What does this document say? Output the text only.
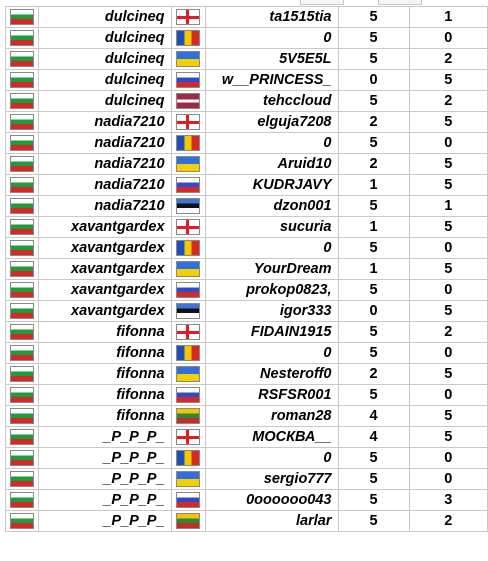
	dulcineq		ta1515tia	5	1
	dulcineq		0	5	0
	dulcineq		5V5E5L	5	2
	dulcineq		w__PRINCESS_	0	5
	dulcineq		tehccloud	5	2
	nadia7210		elguja7208	2	5
	nadia7210		0	5	0
	nadia7210		Aruid10	2	5
	nadia7210		KUDRJAVY	1	5
	nadia7210		dzon001	5	1
	xavantgardex		sucuria	1	5
	xavantgardex		0	5	0
	xavantgardex		YourDream	1	5
	xavantgardex		prokop0823,	5	0
	xavantgardex		igor333	0	5
	fifonna		FIDAIN1915	5	2
	fifonna		0	5	0
	fifonna		Nesteroff0	2	5
	fifonna		RSFSR001	5	0
	fifonna		roman28	4	5
	_P_P_P_		МОСКВА__	4	5
	_P_P_P_		0	5	0
	_P_P_P_		sergio777	5	0
	_P_P_P_		0oooooo043	5	3
	_P_P_P_		larlar	5	2
